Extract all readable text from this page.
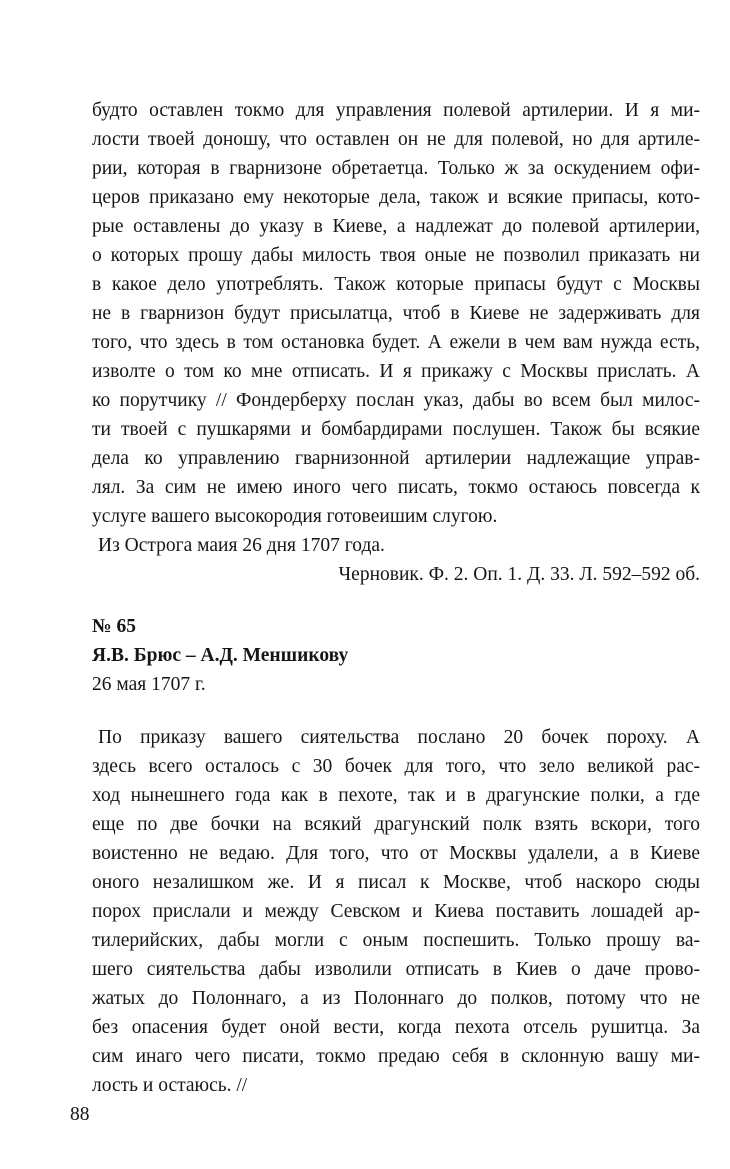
будто оставлен токмо для управления полевой артилерии. И я ми-
лости твоей доношу, что оставлен он не для полевой, но для артиле-
рии, которая в гварнизоне обретаетца. Только ж за оскудением офи-
церов приказано ему некоторые дела, також и всякие припасы, кото-
рые оставлены до указу в Киеве, а надлежат до полевой артилерии,
о которых прошу дабы милость твоя оные не позволил приказать ни
в какое дело употреблять. Також которые припасы будут с Москвы
не в гварнизон будут присылатца, чтоб в Киеве не задерживать для
того, что здесь в том остановка будет. А ежели в чем вам нужда есть,
изволте о том ко мне отписать. И я прикажу с Москвы прислать. А
ко порутчику // Фондерберху послан указ, дабы во всем был милос-
ти твоей с пушкарями и бомбардирами послушен. Також бы всякие
дела ко управлению гварнизонной артилерии надлежащие управ-
лял. За сим не имею иного чего писать, токмо остаюсь повсегда к
услуге вашего высокородия готовеишим слугою.
Из Острога маия 26 дня 1707 года.
Черновик. Ф. 2. Оп. 1. Д. 33. Л. 592–592 об.
№ 65
Я.В. Брюс – А.Д. Меншикову
26 мая 1707 г.
По приказу вашего сиятельства послано 20 бочек пороху. А
здесь всего осталось с 30 бочек для того, что зело великой рас-
ход нынешнего года как в пехоте, так и в драгунские полки, а где
еще по две бочки на всякий драгунский полк взять вскори, того
воистенно не ведаю. Для того, что от Москвы удалели, а в Киеве
оного незалишком же. И я писал к Москве, чтоб наскоро сюды
порох прислали и между Севском и Киева поставить лошадей ар-
тилерийских, дабы могли с оным поспешить. Только прошу ва-
шего сиятельства дабы изволили отписать в Киев о даче прово-
жатых до Полоннаго, а из Полоннаго до полков, потому что не
без опасения будет оной вести, когда пехота отсель рушитца. За
сим инаго чего писати, токмо предаю себя в склонную вашу ми-
лость и остаюсь. //
88
